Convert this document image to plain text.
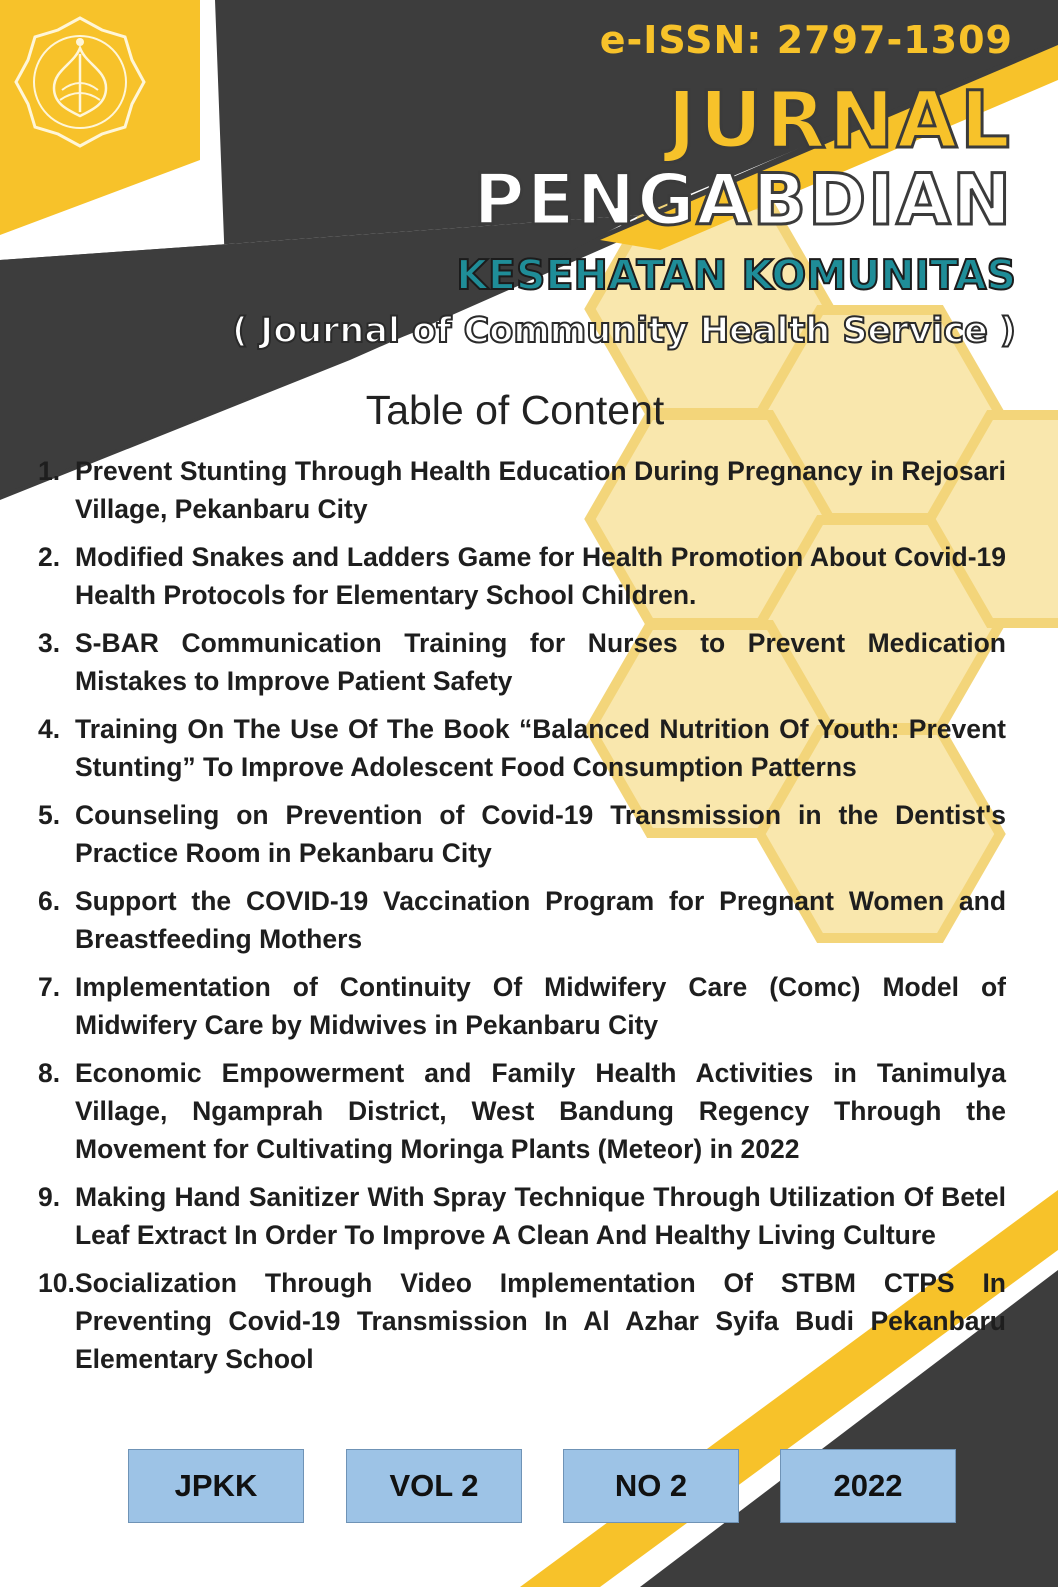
e-ISSN: 2797-1309
JURNAL
PENGABDIAN
KESEHATAN KOMUNITAS
( Journal of Community Health Service )
Table of Content
1. Prevent Stunting Through Health Education During Pregnancy in Rejosari Village, Pekanbaru City
2. Modified Snakes and Ladders Game for Health Promotion About Covid-19 Health Protocols for Elementary School Children.
3. S-BAR Communication Training for Nurses to Prevent Medication Mistakes to Improve Patient Safety
4. Training On The Use Of The Book “Balanced Nutrition Of Youth: Prevent Stunting” To Improve Adolescent Food Consumption Patterns
5. Counseling on Prevention of Covid-19 Transmission in the Dentist's Practice Room in Pekanbaru City
6. Support the COVID-19 Vaccination Program for Pregnant Women and Breastfeeding Mothers
7. Implementation of Continuity Of Midwifery Care (Comc) Model of Midwifery Care by Midwives in Pekanbaru City
8. Economic Empowerment and Family Health Activities in Tanimulya Village, Ngamprah District, West Bandung Regency Through the Movement for Cultivating Moringa Plants (Meteor) in 2022
9. Making Hand Sanitizer With Spray Technique Through Utilization Of Betel Leaf Extract In Order To Improve A Clean And Healthy Living Culture
10. Socialization Through Video Implementation Of STBM CTPS In Preventing Covid-19 Transmission In Al Azhar Syifa Budi Pekanbaru Elementary School
JPKK	VOL 2	NO 2	2022
